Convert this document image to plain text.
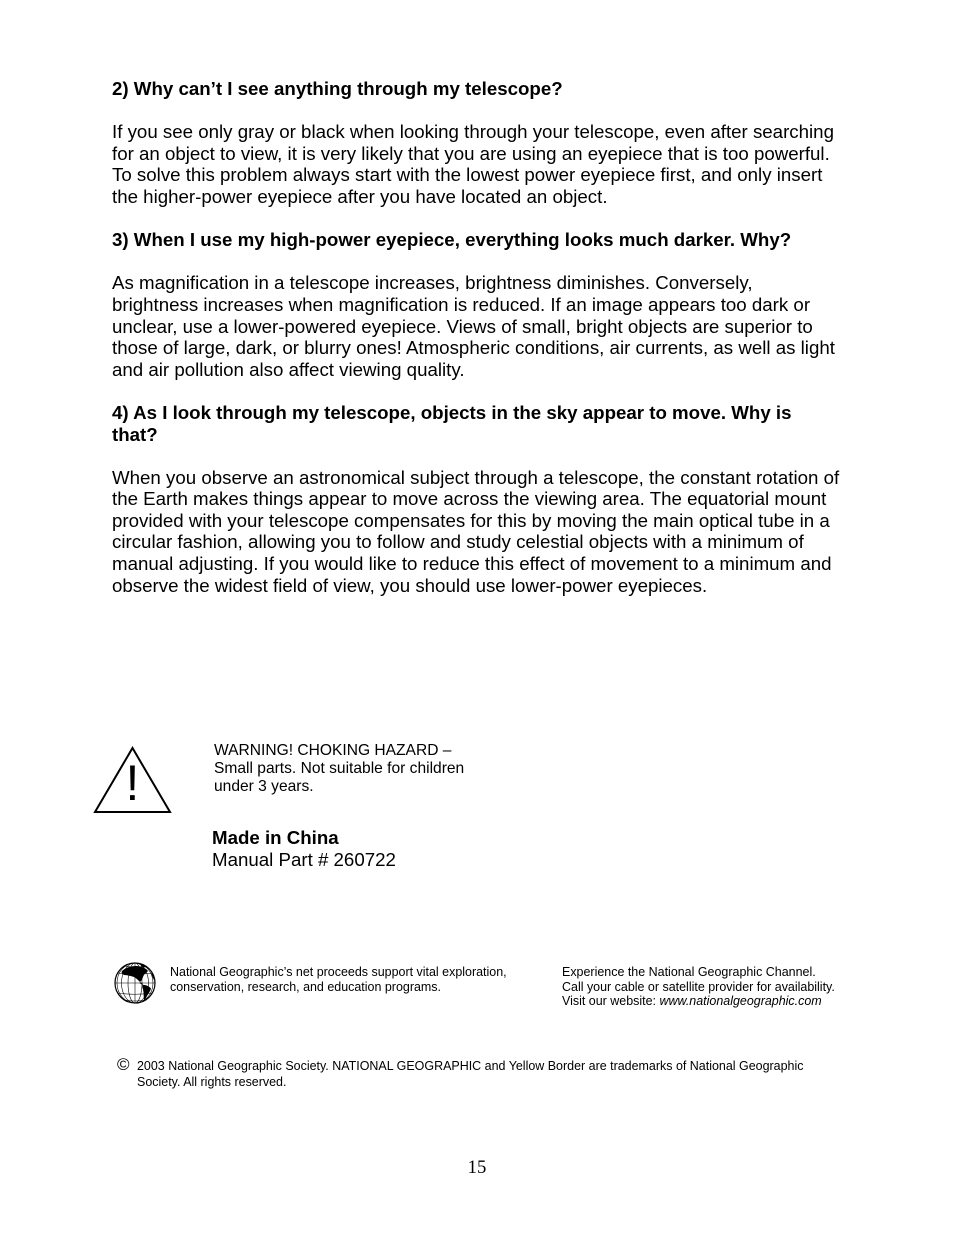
2) Why can’t I see anything through my telescope?
If you see only gray or black when looking through your telescope, even after searching
for an object to view, it is very likely that you are using an eyepiece that is too powerful.
To solve this problem always start with the lowest power eyepiece first, and only insert
the higher-power eyepiece after you have located an object.
3) When I use my high-power eyepiece, everything looks much darker. Why?
As magnification in a telescope increases, brightness diminishes. Conversely,
brightness increases when magnification is reduced. If an image appears too dark or
unclear, use a lower-powered eyepiece. Views of small, bright objects are superior to
those of large, dark, or blurry ones! Atmospheric conditions, air currents, as well as light
and air pollution also affect viewing quality.
4) As I look through my telescope, objects in the sky appear to move. Why is
that?
When you observe an astronomical subject through a telescope, the constant rotation of
the Earth makes things appear to move across the viewing area. The equatorial mount
provided with your telescope compensates for this by moving the main optical tube in a
circular fashion, allowing you to follow and study celestial objects with a minimum of
manual adjusting. If you would like to reduce this effect of movement to a minimum and
observe the widest field of view, you should use lower-power eyepieces.
!
WARNING! CHOKING HAZARD –
Small parts. Not suitable for children
under 3 years.
Made in China
Manual Part # 260722
National Geographic’s net proceeds support vital exploration,
conservation, research, and education programs.
Experience the National Geographic Channel.
Call your cable or satellite provider for availability.
Visit our website: www.nationalgeographic.com
© 2003 National Geographic Society. NATIONAL GEOGRAPHIC and Yellow Border are trademarks of National Geographic
Society. All rights reserved.
15
